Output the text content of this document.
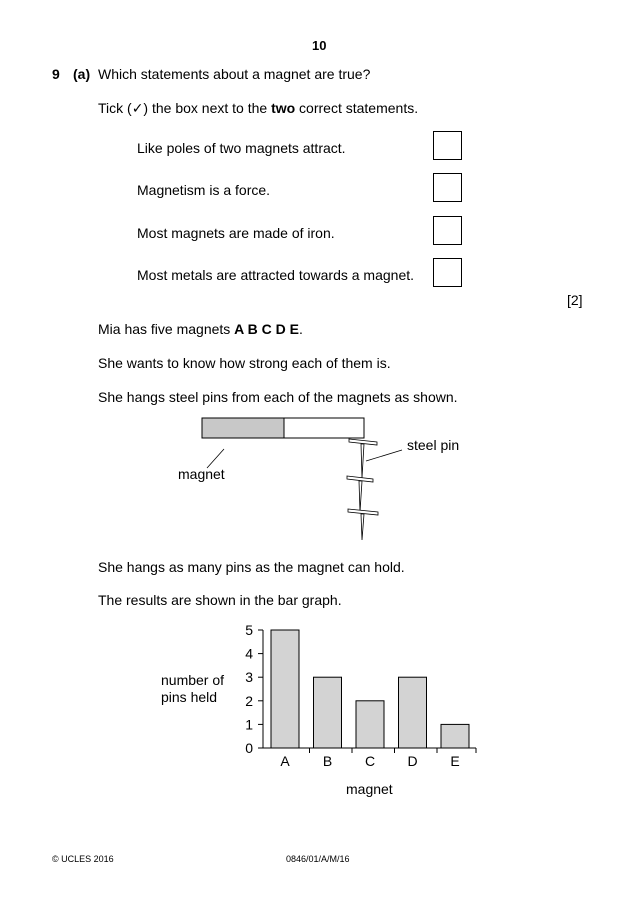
10
9 (a) Which statements about a magnet are true?
Tick (✓) the box next to the two correct statements.
Like poles of two magnets attract.
Magnetism is a force.
Most magnets are made of iron.
Most metals are attracted towards a magnet.
[2]
Mia has five magnets A B C D E.
She wants to know how strong each of them is.
She hangs steel pins from each of the magnets as shown.
magnet
steel pin
She hangs as many pins as the magnet can hold.
The results are shown in the bar graph.
number of
pins held
magnet
0
1
2
3
4
5
A B C D E
© UCLES 2016	0846/01/A/M/16
